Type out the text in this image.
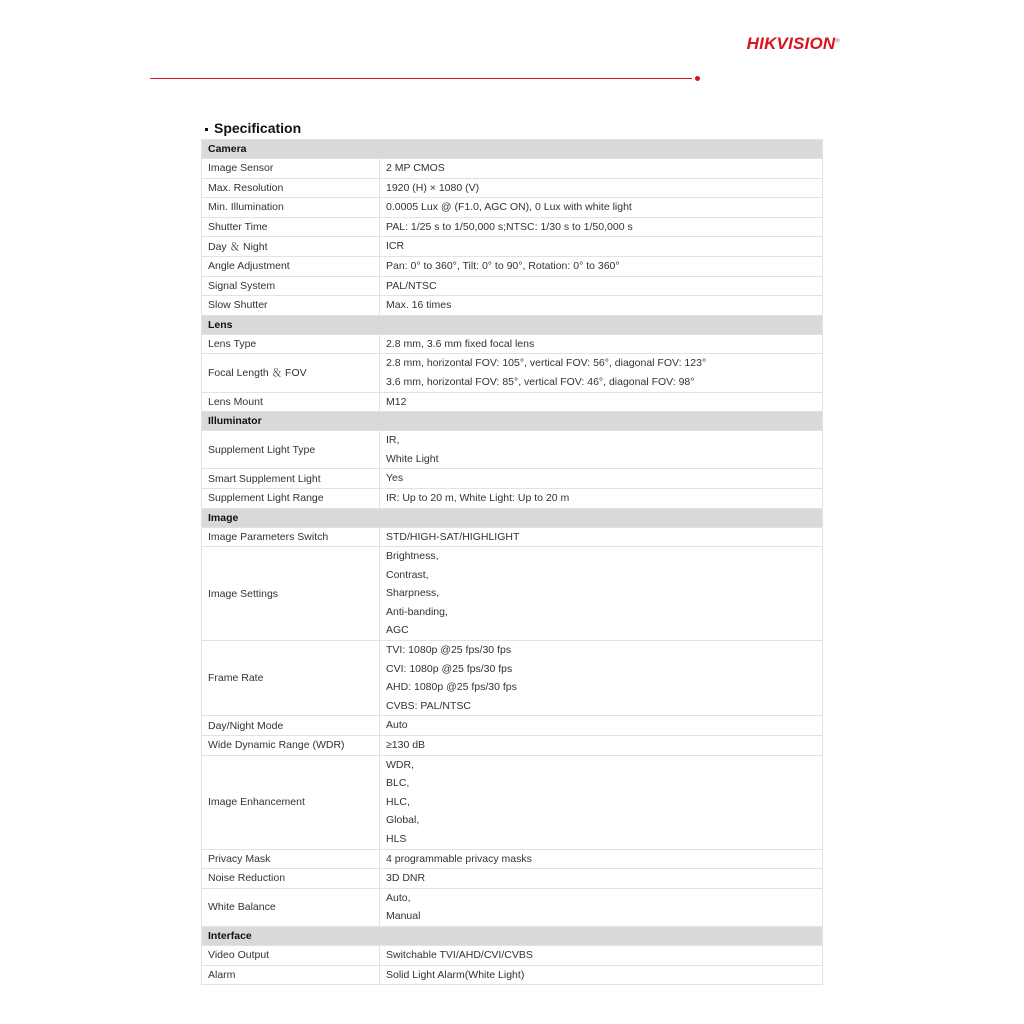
HIKVISION®
Specification
Camera	
Image Sensor	2 MP CMOS

Max. Resolution	1920 (H) × 1080 (V)

Min. Illumination	0.0005 Lux @ (F1.0, AGC ON), 0 Lux with white light

Shutter Time	PAL: 1/25 s to 1/50,000 s;NTSC: 1/30 s to 1/50,000 s

Day ＆ Night	ICR

Angle Adjustment	Pan: 0° to 360°, Tilt: 0° to 90°, Rotation: 0° to 360°

Signal System	PAL/NTSC

Slow Shutter	Max. 16 times

Lens	
Lens Type	2.8 mm, 3.6 mm fixed focal lens

Focal Length ＆ FOV	2.8 mm, horizontal FOV: 105°, vertical FOV: 56°, diagonal FOV: 123°
3.6 mm, horizontal FOV: 85°, vertical FOV: 46°, diagonal FOV: 98°

Lens Mount	M12

Illuminator	
Supplement Light Type	IR,
White Light

Smart Supplement Light	Yes

Supplement Light Range	IR: Up to 20 m, White Light: Up to 20 m

Image	
Image Parameters Switch	STD/HIGH-SAT/HIGHLIGHT

Image Settings	Brightness,
Contrast,
Sharpness,
Anti-banding,
AGC

Frame Rate	TVI: 1080p @25 fps/30 fps
CVI: 1080p @25 fps/30 fps
AHD: 1080p @25 fps/30 fps
CVBS: PAL/NTSC

Day/Night Mode	Auto

Wide Dynamic Range (WDR)	≥130 dB

Image Enhancement	WDR,
BLC,
HLC,
Global,
HLS

Privacy Mask	4 programmable privacy masks

Noise Reduction	3D DNR

White Balance	Auto,
Manual

Interface	
Video Output	Switchable TVI/AHD/CVI/CVBS

Alarm	Solid Light Alarm(White Light)
